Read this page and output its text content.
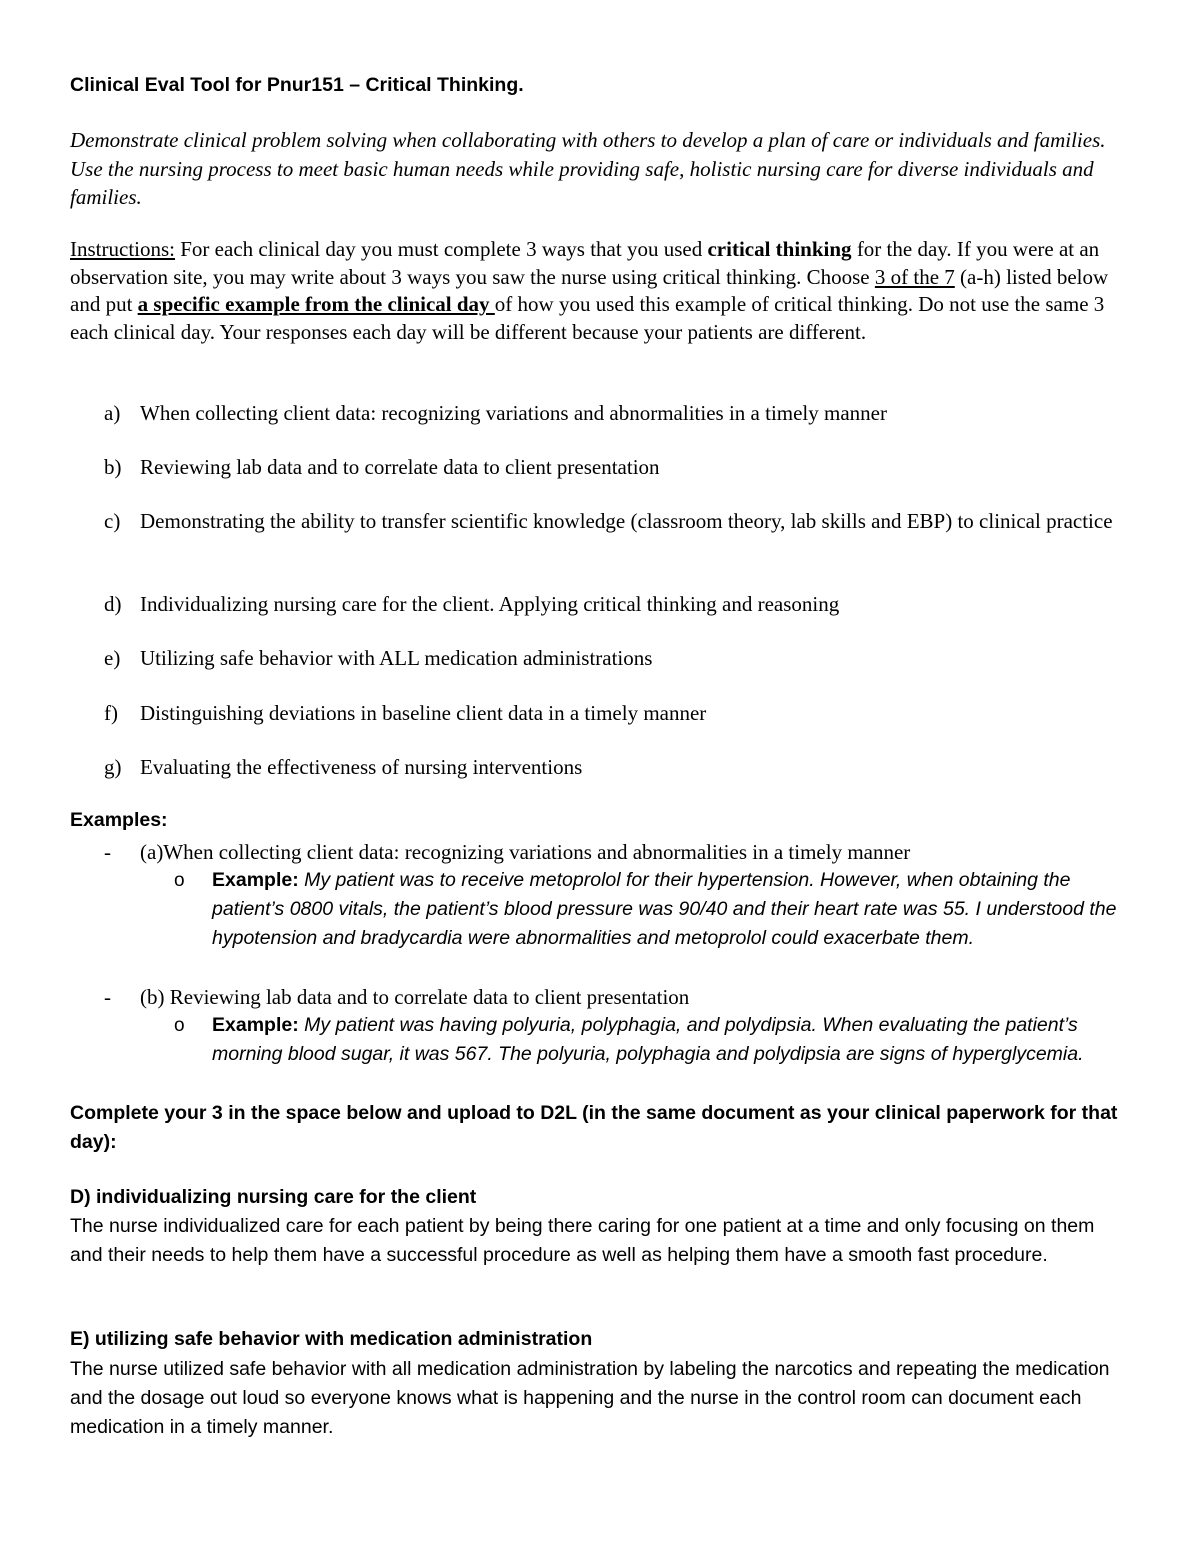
Clinical Eval Tool for Pnur151 – Critical Thinking.
Demonstrate clinical problem solving when collaborating with others to develop a plan of care or individuals and families. Use the nursing process to meet basic human needs while providing safe, holistic nursing care for diverse individuals and families.
Instructions: For each clinical day you must complete 3 ways that you used critical thinking for the day. If you were at an observation site, you may write about 3 ways you saw the nurse using critical thinking. Choose 3 of the 7 (a-h) listed below and put a specific example from the clinical day of how you used this example of critical thinking. Do not use the same 3 each clinical day. Your responses each day will be different because your patients are different.
a) When collecting client data: recognizing variations and abnormalities in a timely manner
b) Reviewing lab data and to correlate data to client presentation
c) Demonstrating the ability to transfer scientific knowledge (classroom theory, lab skills and EBP) to clinical practice
d) Individualizing nursing care for the client. Applying critical thinking and reasoning
e) Utilizing safe behavior with ALL medication administrations
f) Distinguishing deviations in baseline client data in a timely manner
g) Evaluating the effectiveness of nursing interventions
Examples:
- (a)When collecting client data: recognizing variations and abnormalities in a timely manner
o Example: My patient was to receive metoprolol for their hypertension. However, when obtaining the patient’s 0800 vitals, the patient’s blood pressure was 90/40 and their heart rate was 55. I understood the hypotension and bradycardia were abnormalities and metoprolol could exacerbate them.
- (b) Reviewing lab data and to correlate data to client presentation
o Example: My patient was having polyuria, polyphagia, and polydipsia. When evaluating the patient’s morning blood sugar, it was 567. The polyuria, polyphagia and polydipsia are signs of hyperglycemia.
Complete your 3 in the space below and upload to D2L (in the same document as your clinical paperwork for that day):
D) individualizing nursing care for the client
The nurse individualized care for each patient by being there caring for one patient at a time and only focusing on them and their needs to help them have a successful procedure as well as helping them have a smooth fast procedure.
E) utilizing safe behavior with medication administration
The nurse utilized safe behavior with all medication administration by labeling the narcotics and repeating the medication and the dosage out loud so everyone knows what is happening and the nurse in the control room can document each medication in a timely manner.
